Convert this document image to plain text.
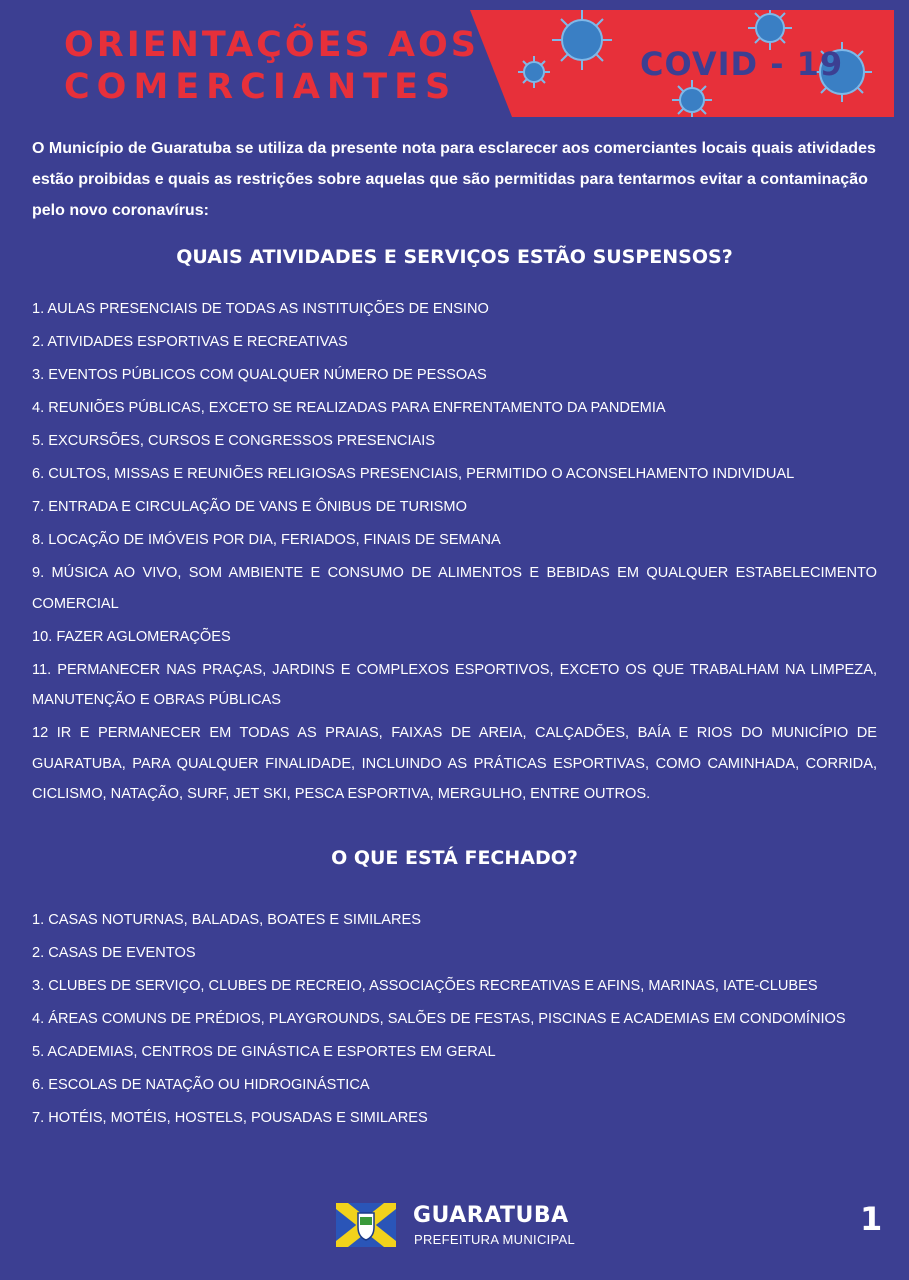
ORIENTAÇÕES AOS
COMERCIANTES
COVID - 19

O Município de Guaratuba se utiliza da presente nota para esclarecer aos comerciantes locais quais atividades estão proibidas e quais as restrições sobre aquelas que são permitidas para tentarmos evitar a contaminação pelo novo coronavírus:

QUAIS ATIVIDADES E SERVIÇOS ESTÃO SUSPENSOS?
1. AULAS PRESENCIAIS DE TODAS AS INSTITUIÇÕES DE ENSINO
2. ATIVIDADES ESPORTIVAS E RECREATIVAS
3. EVENTOS PÚBLICOS COM QUALQUER NÚMERO DE PESSOAS
4. REUNIÕES PÚBLICAS, EXCETO SE REALIZADAS PARA ENFRENTAMENTO DA PANDEMIA
5. EXCURSÕES, CURSOS E CONGRESSOS PRESENCIAIS
6. CULTOS, MISSAS E REUNIÕES RELIGIOSAS PRESENCIAIS, PERMITIDO O ACONSELHAMENTO INDIVIDUAL
7. ENTRADA E CIRCULAÇÃO DE VANS E ÔNIBUS DE TURISMO
8. LOCAÇÃO DE IMÓVEIS POR DIA, FERIADOS, FINAIS DE SEMANA
9. MÚSICA AO VIVO, SOM AMBIENTE E CONSUMO DE ALIMENTOS E BEBIDAS EM QUALQUER ESTABELECIMENTO COMERCIAL
10. FAZER AGLOMERAÇÕES
11. PERMANECER NAS PRAÇAS, JARDINS E COMPLEXOS ESPORTIVOS, EXCETO OS QUE TRABALHAM NA LIMPEZA, MANUTENÇÃO E OBRAS PÚBLICAS
12 IR E PERMANECER EM TODAS AS PRAIAS, FAIXAS DE AREIA, CALÇADÕES, BAÍA E RIOS DO MUNICÍPIO DE GUARATUBA, PARA QUALQUER FINALIDADE, INCLUINDO AS PRÁTICAS ESPORTIVAS, COMO CAMINHADA, CORRIDA, CICLISMO, NATAÇÃO, SURF, JET SKI, PESCA ESPORTIVA, MERGULHO, ENTRE OUTROS.
O QUE ESTÁ FECHADO?
1. CASAS NOTURNAS, BALADAS, BOATES E SIMILARES
2. CASAS DE EVENTOS
3. CLUBES DE SERVIÇO, CLUBES DE RECREIO, ASSOCIAÇÕES RECREATIVAS E AFINS, MARINAS, IATE-CLUBES
4. ÁREAS COMUNS DE PRÉDIOS, PLAYGROUNDS, SALÕES DE FESTAS, PISCINAS E ACADEMIAS EM CONDOMÍNIOS
5. ACADEMIAS, CENTROS DE GINÁSTICA E ESPORTES EM GERAL
6. ESCOLAS DE NATAÇÃO OU HIDROGINÁSTICA
7. HOTÉIS, MOTÉIS, HOSTELS, POUSADAS E SIMILARES
GUARATUBA
PREFEITURA MUNICIPAL
1
